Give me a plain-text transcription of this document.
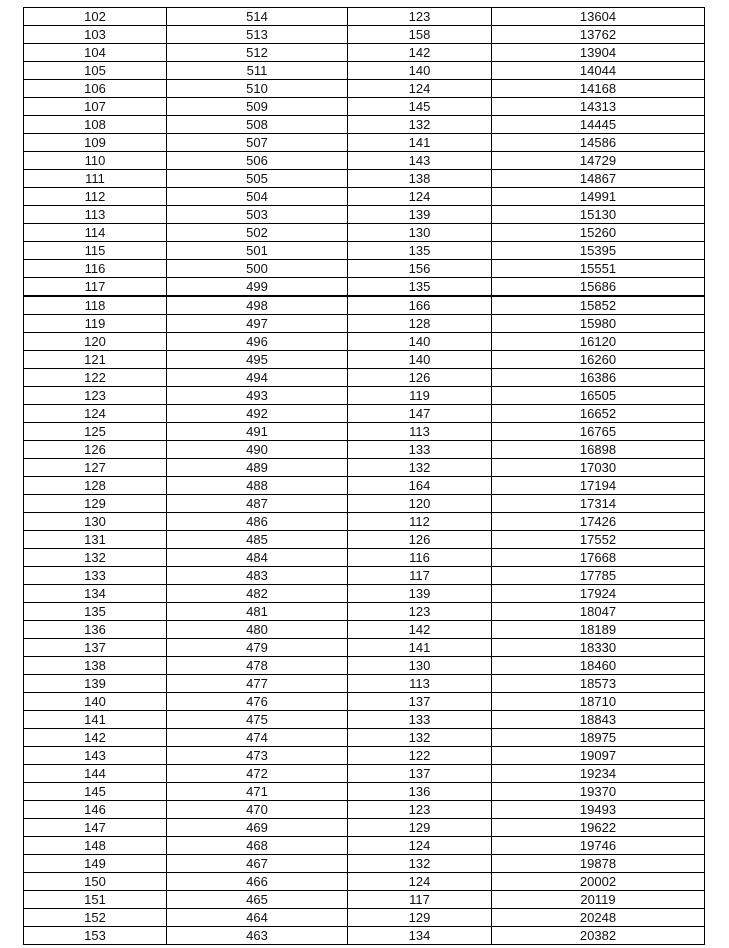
102	514	123	13604
103	513	158	13762
104	512	142	13904
105	511	140	14044
106	510	124	14168
107	509	145	14313
108	508	132	14445
109	507	141	14586
110	506	143	14729
111	505	138	14867
112	504	124	14991
113	503	139	15130
114	502	130	15260
115	501	135	15395
116	500	156	15551
117	499	135	15686
118	498	166	15852
119	497	128	15980
120	496	140	16120
121	495	140	16260
122	494	126	16386
123	493	119	16505
124	492	147	16652
125	491	113	16765
126	490	133	16898
127	489	132	17030
128	488	164	17194
129	487	120	17314
130	486	112	17426
131	485	126	17552
132	484	116	17668
133	483	117	17785
134	482	139	17924
135	481	123	18047
136	480	142	18189
137	479	141	18330
138	478	130	18460
139	477	113	18573
140	476	137	18710
141	475	133	18843
142	474	132	18975
143	473	122	19097
144	472	137	19234
145	471	136	19370
146	470	123	19493
147	469	129	19622
148	468	124	19746
149	467	132	19878
150	466	124	20002
151	465	117	20119
152	464	129	20248
153	463	134	20382
